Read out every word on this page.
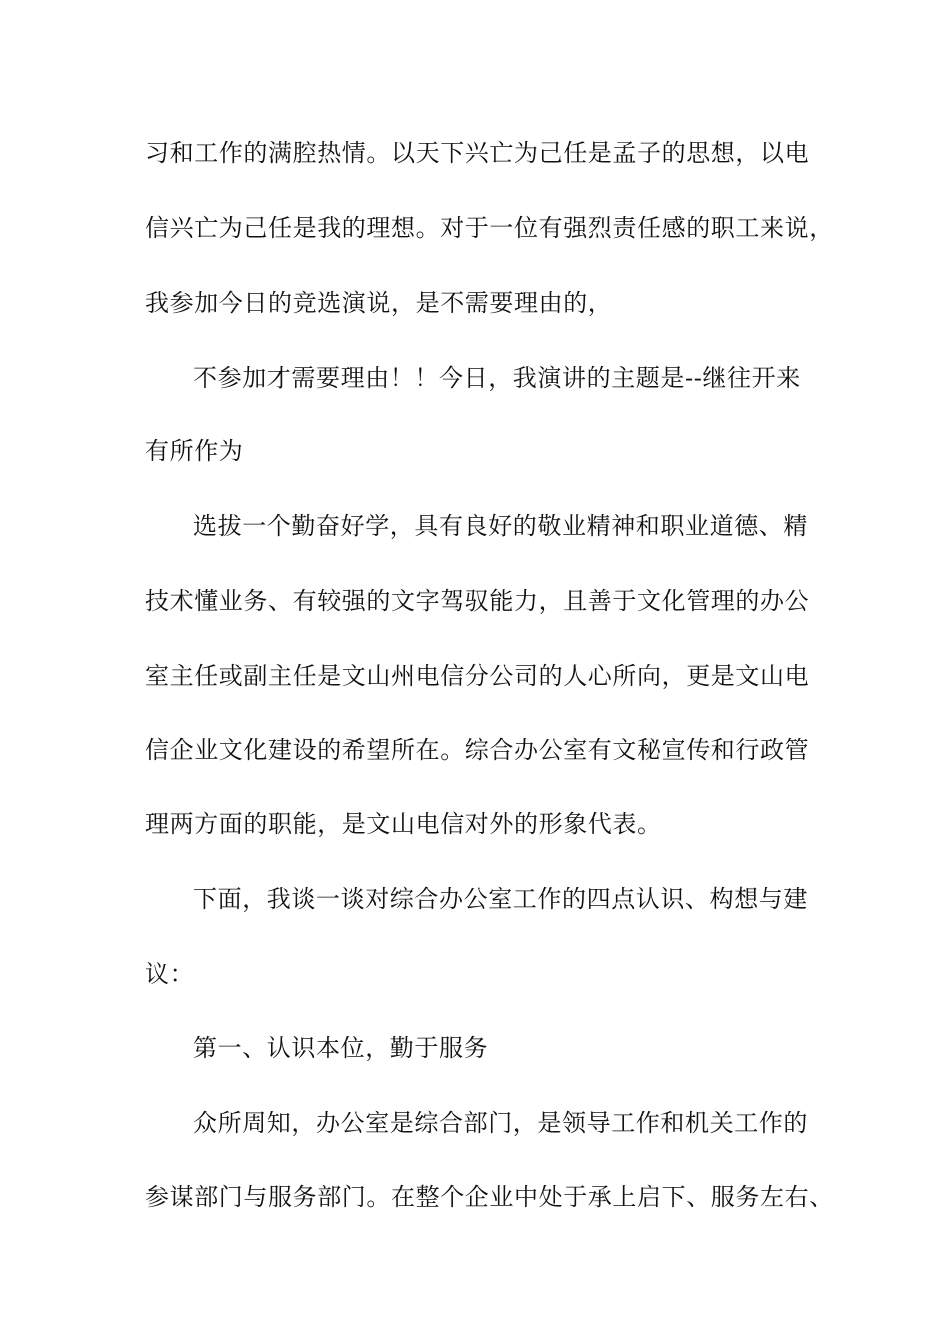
习和工作的满腔热情。以天下兴亡为己任是孟子的思想，以电
信兴亡为己任是我的理想。对于一位有强烈责任感的职工来说，
我参加今日的竞选演说，是不需要理由的，
不参加才需要理由！！今日，我演讲的主题是--继往开来
有所作为
选拔一个勤奋好学，具有良好的敬业精神和职业道德、精
技术懂业务、有较强的文字驾驭能力，且善于文化管理的办公
室主任或副主任是文山州电信分公司的人心所向，更是文山电
信企业文化建设的希望所在。综合办公室有文秘宣传和行政管
理两方面的职能，是文山电信对外的形象代表。
下面，我谈一谈对综合办公室工作的四点认识、构想与建
议：
第一、认识本位，勤于服务
众所周知，办公室是综合部门，是领导工作和机关工作的
参谋部门与服务部门。在整个企业中处于承上启下、服务左右、
